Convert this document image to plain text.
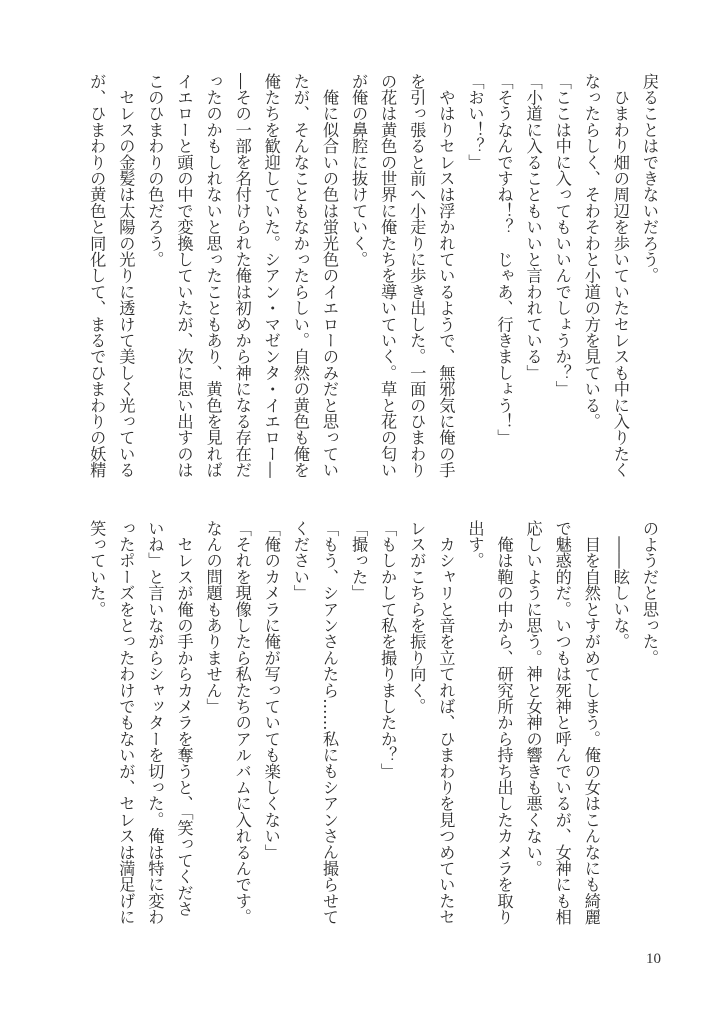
戻ることはできないだろう。
　ひまわり畑の周辺を歩いていたセレスも中に入りたく
なったらしく、そわそわと小道の方を見ている。
「ここは中に入ってもいいんでしょうか？」
「小道に入ることもいいと言われている」
「そうなんですね！？　じゃあ、行きましょう！」
「おい！？」
　やはりセレスは浮かれているようで、無邪気に俺の手
を引っ張ると前へ小走りに歩き出した。一面のひまわり
の花は黄色の世界に俺たちを導いていく。草と花の匂い
が俺の鼻腔に抜けていく。
　俺に似合いの色は蛍光色のイエローのみだと思ってい
たが、そんなこともなかったらしい。自然の黄色も俺を
俺たちを歓迎していた。シアン・マゼンタ・イエロー―
―その一部を名付けられた俺は初めから神になる存在だ
ったのかもしれないと思ったこともあり、黄色を見れば
イエローと頭の中で変換していたが、次に思い出すのは
このひまわりの色だろう。
　セレスの金髪は太陽の光りに透けて美しく光っている
が、ひまわりの黄色と同化して、まるでひまわりの妖精
のようだと思った。
　――眩しいな。
　目を自然とすがめてしまう。俺の女はこんなにも綺麗
で魅惑的だ。いつもは死神と呼んでいるが、女神にも相
応しいように思う。神と女神の響きも悪くない。
　俺は鞄の中から、研究所から持ち出したカメラを取り
出す。
　カシャリと音を立てれば、ひまわりを見つめていたセ
レスがこちらを振り向く。
「もしかして私を撮りましたか？」
「撮った」
「もう、シアンさんたら……私にもシアンさん撮らせて
ください」
「俺のカメラに俺が写っていても楽しくない」
「それを現像したら私たちのアルバムに入れるんです。
なんの問題もありません」
　セレスが俺の手からカメラを奪うと、「笑ってくださ
いね」と言いながらシャッターを切った。俺は特に変わ
ったポーズをとったわけでもないが、セレスは満足げに
笑っていた。
10
